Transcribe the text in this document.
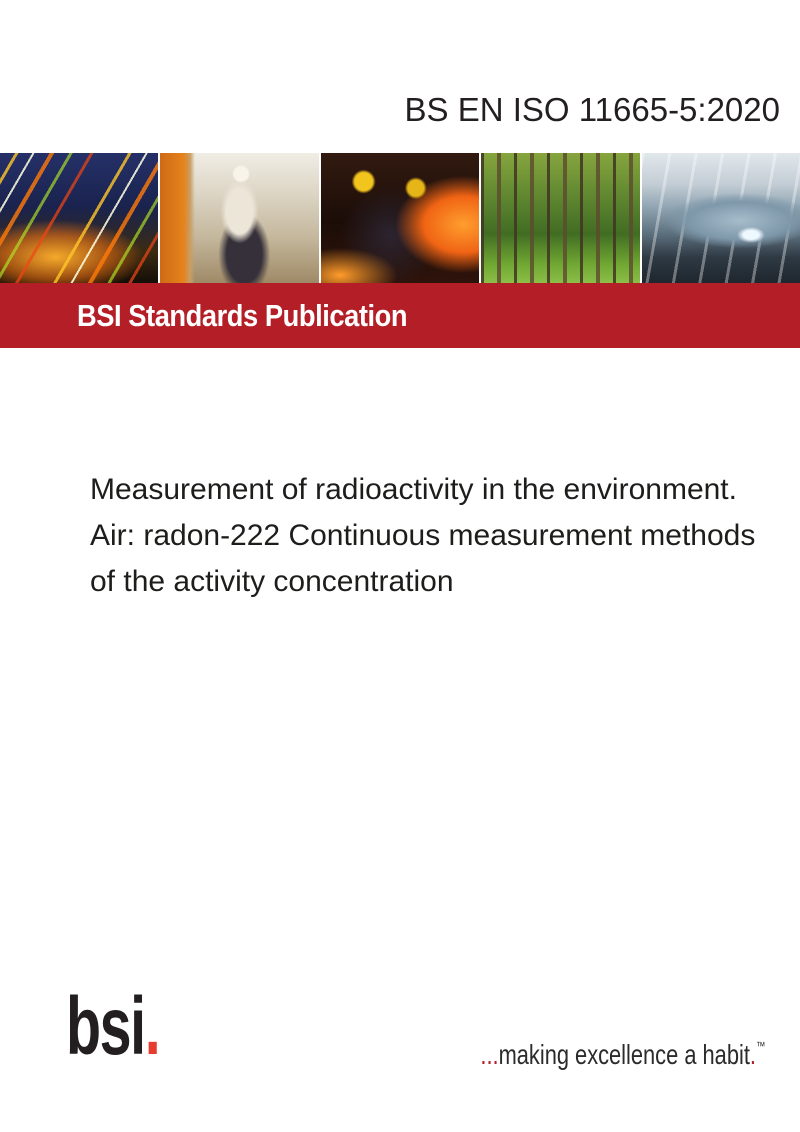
BS EN ISO 11665-5:2020
BSI Standards Publication
Measurement of radioactivity in the environment.
Air: radon-222 Continuous measurement methods
of the activity concentration
bsi.	...making excellence a habit.™
